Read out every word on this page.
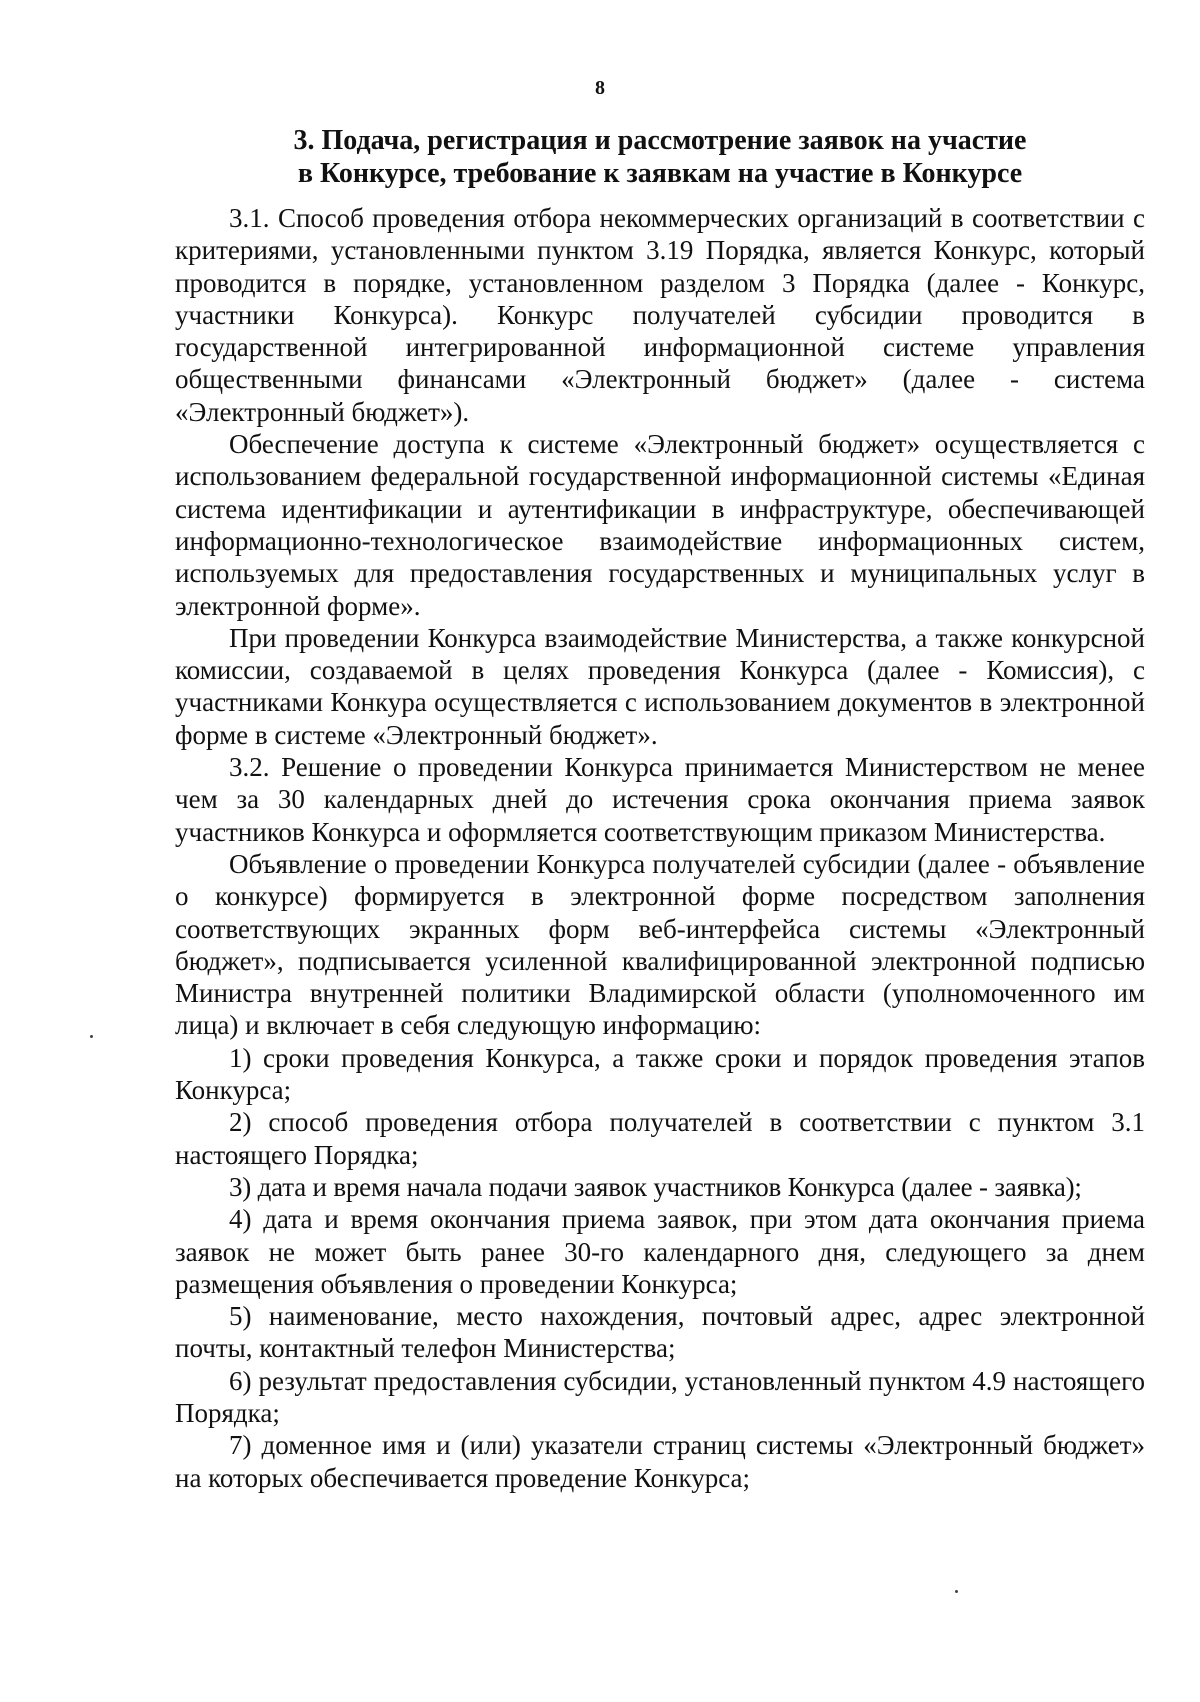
8
3. Подача, регистрация и рассмотрение заявок на участие
в Конкурсе, требование к заявкам на участие в Конкурсе

3.1. Способ проведения отбора некоммерческих организаций в соответствии с критериями, установленными пунктом 3.19 Порядка, является Конкурс, который проводится в порядке, установленном разделом 3 Порядка (далее - Конкурс, участники Конкурса). Конкурс получателей субсидии проводится в государственной интегрированной информационной системе управления общественными финансами «Электронный бюджет» (далее - система «Электронный бюджет»).

Обеспечение доступа к системе «Электронный бюджет» осуществляется с использованием федеральной государственной информационной системы «Единая система идентификации и аутентификации в инфраструктуре, обеспечивающей информационно-технологическое взаимодействие информационных систем, используемых для предоставления государственных и муниципальных услуг в электронной форме».

При проведении Конкурса взаимодействие Министерства, а также конкурсной комиссии, создаваемой в целях проведения Конкурса (далее - Комиссия), с участниками Конкура осуществляется с использованием документов в электронной форме в системе «Электронный бюджет».

3.2. Решение о проведении Конкурса принимается Министерством не менее чем за 30 календарных дней до истечения срока окончания приема заявок участников Конкурса и оформляется соответствующим приказом Министерства.

Объявление о проведении Конкурса получателей субсидии (далее - объявление о конкурсе) формируется в электронной форме посредством заполнения соответствующих экранных форм веб-интерфейса системы «Электронный бюджет», подписывается усиленной квалифицированной электронной подписью Министра внутренней политики Владимирской области (уполномоченного им лица) и включает в себя следующую информацию:

1) сроки проведения Конкурса, а также сроки и порядок проведения этапов Конкурса;

2) способ проведения отбора получателей в соответствии с пунктом 3.1 настоящего Порядка;

3) дата и время начала подачи заявок участников Конкурса (далее - заявка);

4) дата и время окончания приема заявок, при этом дата окончания приема заявок не может быть ранее 30-го календарного дня, следующего за днем размещения объявления о проведении Конкурса;

5) наименование, место нахождения, почтовый адрес, адрес электронной почты, контактный телефон Министерства;

6) результат предоставления субсидии, установленный пунктом 4.9 настоящего Порядка;

7) доменное имя и (или) указатели страниц системы «Электронный бюджет» на которых обеспечивается проведение Конкурса;
